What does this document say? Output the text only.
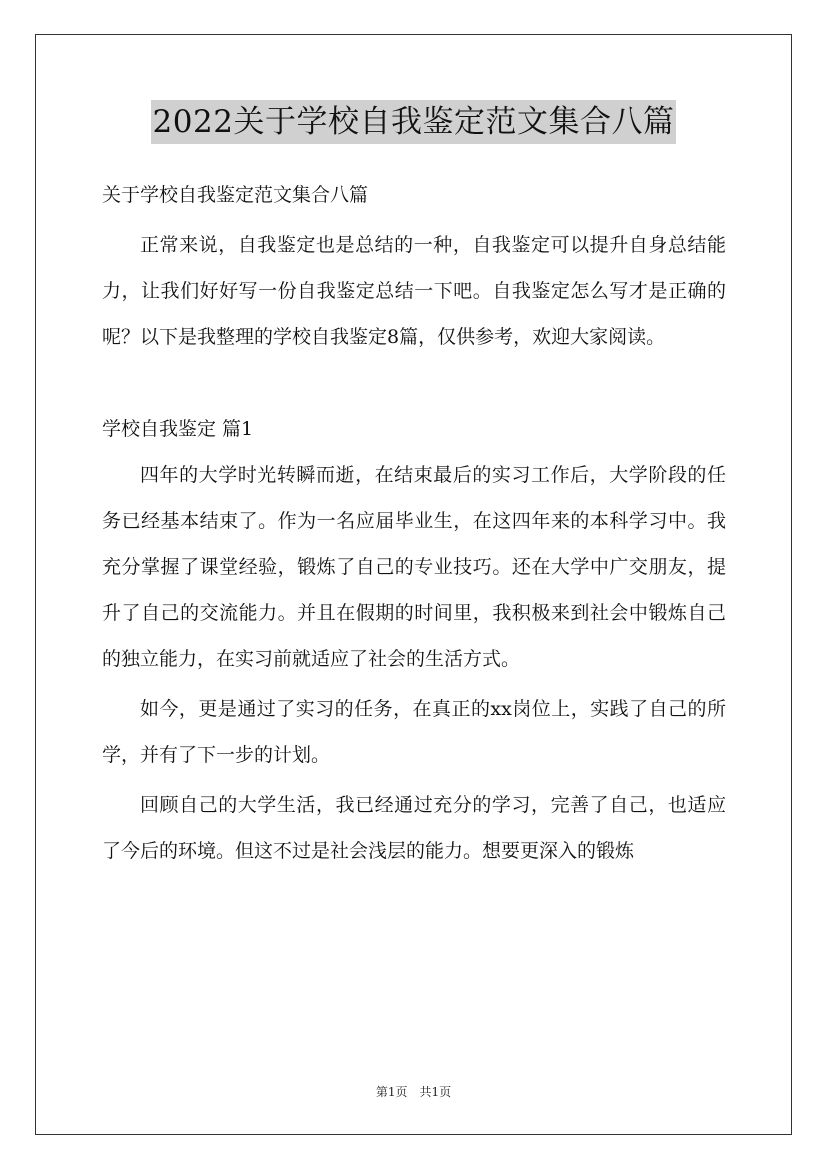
2022关于学校自我鉴定范文集合八篇

关于学校自我鉴定范文集合八篇

正常来说，自我鉴定也是总结的一种，自我鉴定可以提升自身总结能力，让我们好好写一份自我鉴定总结一下吧。自我鉴定怎么写才是正确的呢？以下是我整理的学校自我鉴定8篇，仅供参考，欢迎大家阅读。

学校自我鉴定 篇1

四年的大学时光转瞬而逝，在结束最后的实习工作后，大学阶段的任务已经基本结束了。作为一名应届毕业生，在这四年来的本科学习中。我充分掌握了课堂经验，锻炼了自己的专业技巧。还在大学中广交朋友，提升了自己的交流能力。并且在假期的时间里，我积极来到社会中锻炼自己的独立能力，在实习前就适应了社会的生活方式。

如今，更是通过了实习的任务，在真正的xx岗位上，实践了自己的所学，并有了下一步的计划。

回顾自己的大学生活，我已经通过充分的学习，完善了自己，也适应了今后的环境。但这不过是社会浅层的能力。想要更深入的锻炼

第1页　共1页
